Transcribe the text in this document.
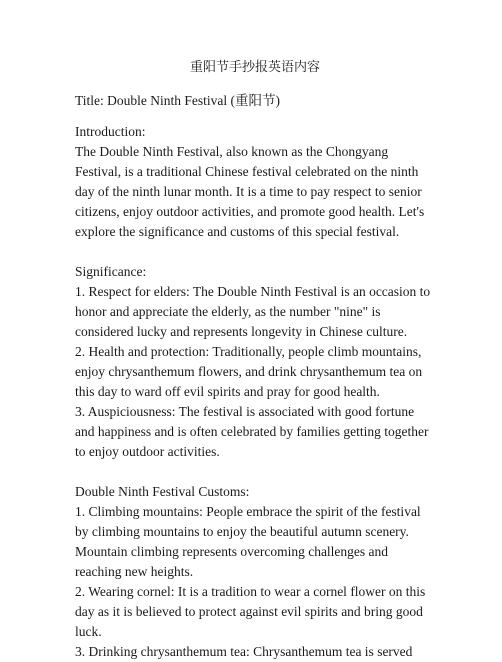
重阳节手抄报英语内容
Title: Double Ninth Festival (重阳节)
Introduction:
The Double Ninth Festival, also known as the Chongyang Festival, is a traditional Chinese festival celebrated on the ninth day of the ninth lunar month. It is a time to pay respect to senior citizens, enjoy outdoor activities, and promote good health. Let's explore the significance and customs of this special festival.
Significance:
1. Respect for elders: The Double Ninth Festival is an occasion to honor and appreciate the elderly, as the number "nine" is considered lucky and represents longevity in Chinese culture.
2. Health and protection: Traditionally, people climb mountains, enjoy chrysanthemum flowers, and drink chrysanthemum tea on this day to ward off evil spirits and pray for good health.
3. Auspiciousness: The festival is associated with good fortune and happiness and is often celebrated by families getting together to enjoy outdoor activities.
Double Ninth Festival Customs:
1. Climbing mountains: People embrace the spirit of the festival by climbing mountains to enjoy the beautiful autumn scenery. Mountain climbing represents overcoming challenges and reaching new heights.
2. Wearing cornel: It is a tradition to wear a cornel flower on this day as it is believed to protect against evil spirits and bring good luck.
3. Drinking chrysanthemum tea: Chrysanthemum tea is served
